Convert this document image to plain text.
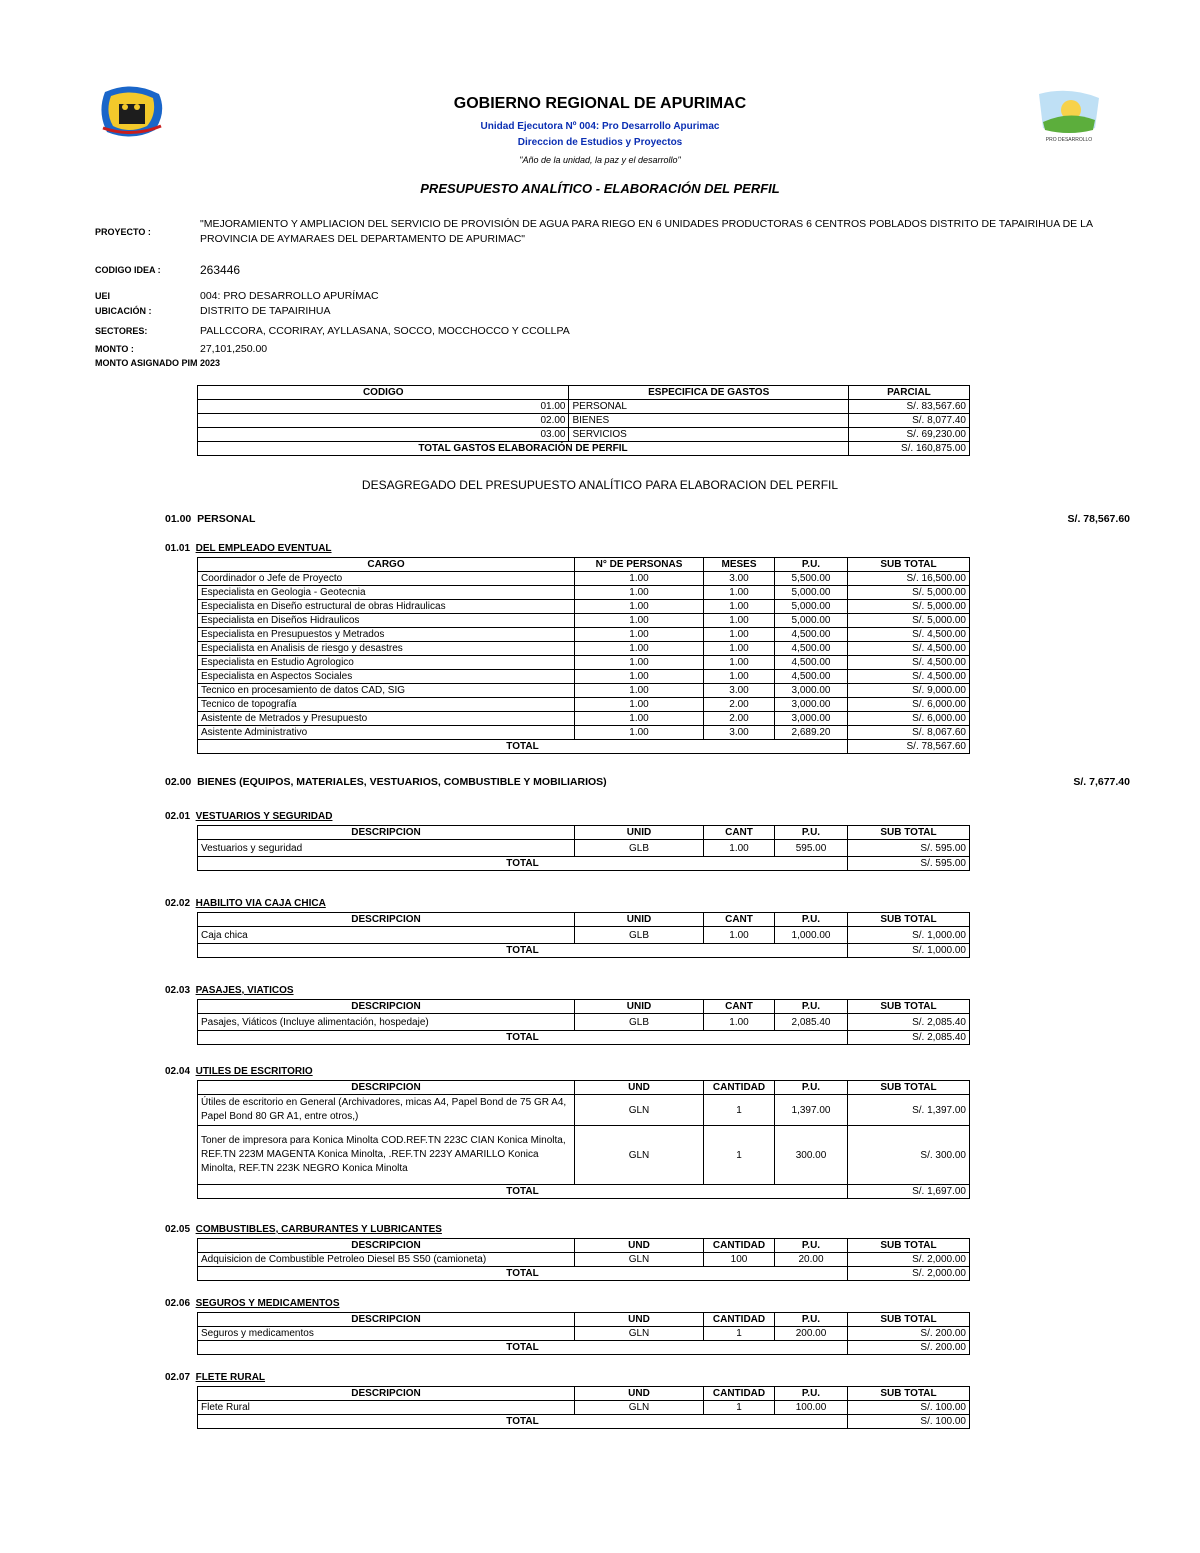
PRO DESARROLLO
GOBIERNO REGIONAL DE APURIMAC
Unidad Ejecutora Nº 004: Pro Desarrollo Apurimac
Direccion de Estudios y Proyectos
"Año de la unidad, la paz y el desarrollo"
PRESUPUESTO ANALÍTICO - ELABORACIÓN DEL PERFIL
PROYECTO :
"MEJORAMIENTO Y AMPLIACION DEL SERVICIO DE PROVISIÓN DE AGUA PARA RIEGO EN 6 UNIDADES PRODUCTORAS 6 CENTROS POBLADOS DISTRITO DE TAPAIRIHUA DE LA PROVINCIA DE AYMARAES DEL DEPARTAMENTO DE APURIMAC"
CODIGO IDEA :	263446
UEI	004: PRO DESARROLLO APURÍMAC
UBICACIÓN :	DISTRITO DE TAPAIRIHUA
SECTORES:	PALLCCORA, CCORIRAY, AYLLASANA, SOCCO, MOCCHOCCO Y CCOLLPA
MONTO :	27,101,250.00
MONTO ASIGNADO PIM 2023
CODIGO	ESPECIFICA DE GASTOS	PARCIAL
01.00	PERSONAL	S/. 83,567.60
02.00	BIENES	S/. 8,077.40
03.00	SERVICIOS	S/. 69,230.00
TOTAL GASTOS ELABORACIÓN DE PERFIL		S/. 160,875.00
DESAGREGADO DEL PRESUPUESTO ANALÍTICO PARA ELABORACION DEL PERFIL
01.00 PERSONAL	S/. 78,567.60
01.01 DEL EMPLEADO EVENTUAL
CARGO	N° DE PERSONAS	MESES	P.U.	SUB TOTAL
Coordinador o Jefe de Proyecto	1.00	3.00	5,500.00	S/. 16,500.00
Especialista en Geologia - Geotecnia	1.00	1.00	5,000.00	S/. 5,000.00
Especialista en Diseño estructural de obras Hidraulicas	1.00	1.00	5,000.00	S/. 5,000.00
Especialista en Diseños Hidraulicos	1.00	1.00	5,000.00	S/. 5,000.00
Especialista en Presupuestos y Metrados	1.00	1.00	4,500.00	S/. 4,500.00
Especialista en Analisis de riesgo y desastres	1.00	1.00	4,500.00	S/. 4,500.00
Especialista en Estudio Agrologico	1.00	1.00	4,500.00	S/. 4,500.00
Especialista en Aspectos Sociales	1.00	1.00	4,500.00	S/. 4,500.00
Tecnico en procesamiento de datos CAD, SIG	1.00	3.00	3,000.00	S/. 9,000.00
Tecnico de topografía	1.00	2.00	3,000.00	S/. 6,000.00
Asistente de Metrados y Presupuesto	1.00	2.00	3,000.00	S/. 6,000.00
Asistente Administrativo	1.00	3.00	2,689.20	S/. 8,067.60
TOTAL				S/. 78,567.60
02.00 BIENES (EQUIPOS, MATERIALES, VESTUARIOS, COMBUSTIBLE Y MOBILIARIOS)	S/. 7,677.40
02.01 VESTUARIOS Y SEGURIDAD
DESCRIPCION	UNID	CANT	P.U.	SUB TOTAL
Vestuarios y seguridad	GLB	1.00	595.00	S/. 595.00
TOTAL				S/. 595.00
02.02 HABILITO VIA CAJA CHICA
DESCRIPCION	UNID	CANT	P.U.	SUB TOTAL
Caja chica	GLB	1.00	1,000.00	S/. 1,000.00
TOTAL				S/. 1,000.00
02.03 PASAJES, VIATICOS
DESCRIPCION	UNID	CANT	P.U.	SUB TOTAL
Pasajes, Viáticos (Incluye alimentación, hospedaje)	GLB	1.00	2,085.40	S/. 2,085.40
TOTAL				S/. 2,085.40
02.04 UTILES DE ESCRITORIO
DESCRIPCION	UND	CANTIDAD	P.U.	SUB TOTAL
Útiles de escritorio en General (Archivadores, micas A4, Papel Bond de 75 GR A4, Papel Bond 80 GR A1, entre otros,)	GLN	1	1,397.00	S/. 1,397.00
Toner de impresora para Konica Minolta COD.REF.TN 223C CIAN Konica Minolta, REF.TN 223M MAGENTA Konica Minolta, .REF.TN 223Y AMARILLO Konica Minolta, REF.TN 223K NEGRO Konica Minolta	GLN	1	300.00	S/. 300.00
TOTAL				S/. 1,697.00
02.05 COMBUSTIBLES, CARBURANTES Y LUBRICANTES
DESCRIPCION	UND	CANTIDAD	P.U.	SUB TOTAL
Adquisicion de Combustible Petroleo Diesel B5 S50 (camioneta)	GLN	100	20.00	S/. 2,000.00
TOTAL				S/. 2,000.00
02.06 SEGUROS Y MEDICAMENTOS
DESCRIPCION	UND	CANTIDAD	P.U.	SUB TOTAL
Seguros y medicamentos	GLN	1	200.00	S/. 200.00
TOTAL				S/. 200.00
02.07 FLETE RURAL
DESCRIPCION	UND	CANTIDAD	P.U.	SUB TOTAL
Flete Rural	GLN	1	100.00	S/. 100.00
TOTAL				S/. 100.00
